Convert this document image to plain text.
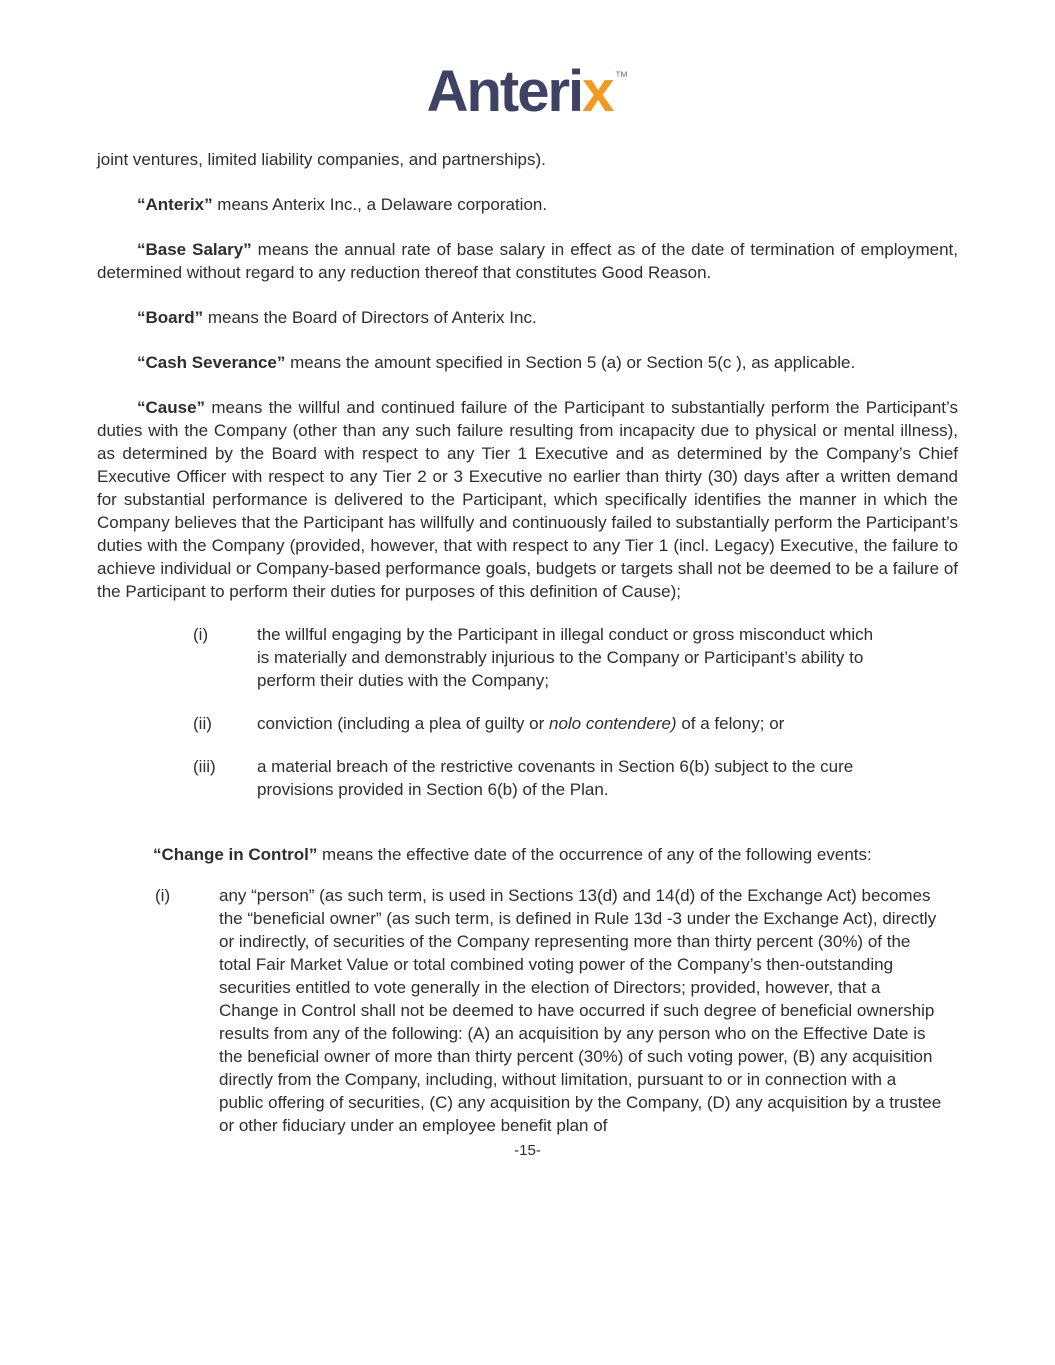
Anterix ™

joint ventures, limited liability companies, and partnerships).

“Anterix” means Anterix Inc., a Delaware corporation.

“Base Salary” means the annual rate of base salary in effect as of the date of termination of employment, determined without regard to any reduction thereof that constitutes Good Reason.

“Board” means the Board of Directors of Anterix Inc.

“Cash Severance” means the amount specified in Section 5 (a) or Section 5(c ), as applicable.

“Cause” means the willful and continued failure of the Participant to substantially perform the Participant’s duties with the Company (other than any such failure resulting from incapacity due to physical or mental illness), as determined by the Board with respect to any Tier 1 Executive and as determined by the Company’s Chief Executive Officer with respect to any Tier 2 or 3 Executive no earlier than thirty (30) days after a written demand for substantial performance is delivered to the Participant, which specifically identifies the manner in which the Company believes that the Participant has willfully and continuously failed to substantially perform the Participant’s duties with the Company (provided, however, that with respect to any Tier 1 (incl. Legacy) Executive, the failure to achieve individual or Company-based performance goals, budgets or targets shall not be deemed to be a failure of the Participant to perform their duties for purposes of this definition of Cause);

(i)	the willful engaging by the Participant in illegal conduct or gross misconduct which is materially and demonstrably injurious to the Company or Participant’s ability to perform their duties with the Company;
(ii)	conviction (including a plea of guilty or nolo contendere) of a felony; or
(iii)	a material breach of the restrictive covenants in Section 6(b) subject to the cure provisions provided in Section 6(b) of the Plan.

“Change in Control” means the effective date of the occurrence of any of the following events:

(i)	any “person” (as such term, is used in Sections 13(d) and 14(d) of the Exchange Act) becomes the “beneficial owner” (as such term, is defined in Rule 13d -3 under the Exchange Act), directly or indirectly, of securities of the Company representing more than thirty percent (30%) of the total Fair Market Value or total combined voting power of the Company’s then-outstanding securities entitled to vote generally in the election of Directors; provided, however, that a Change in Control shall not be deemed to have occurred if such degree of beneficial ownership results from any of the following: (A) an acquisition by any person who on the Effective Date is the beneficial owner of more than thirty percent (30%) of such voting power, (B) any acquisition directly from the Company, including, without limitation, pursuant to or in connection with a public offering of securities, (C) any acquisition by the Company, (D) any acquisition by a trustee or other fiduciary under an employee benefit plan of
-15-
